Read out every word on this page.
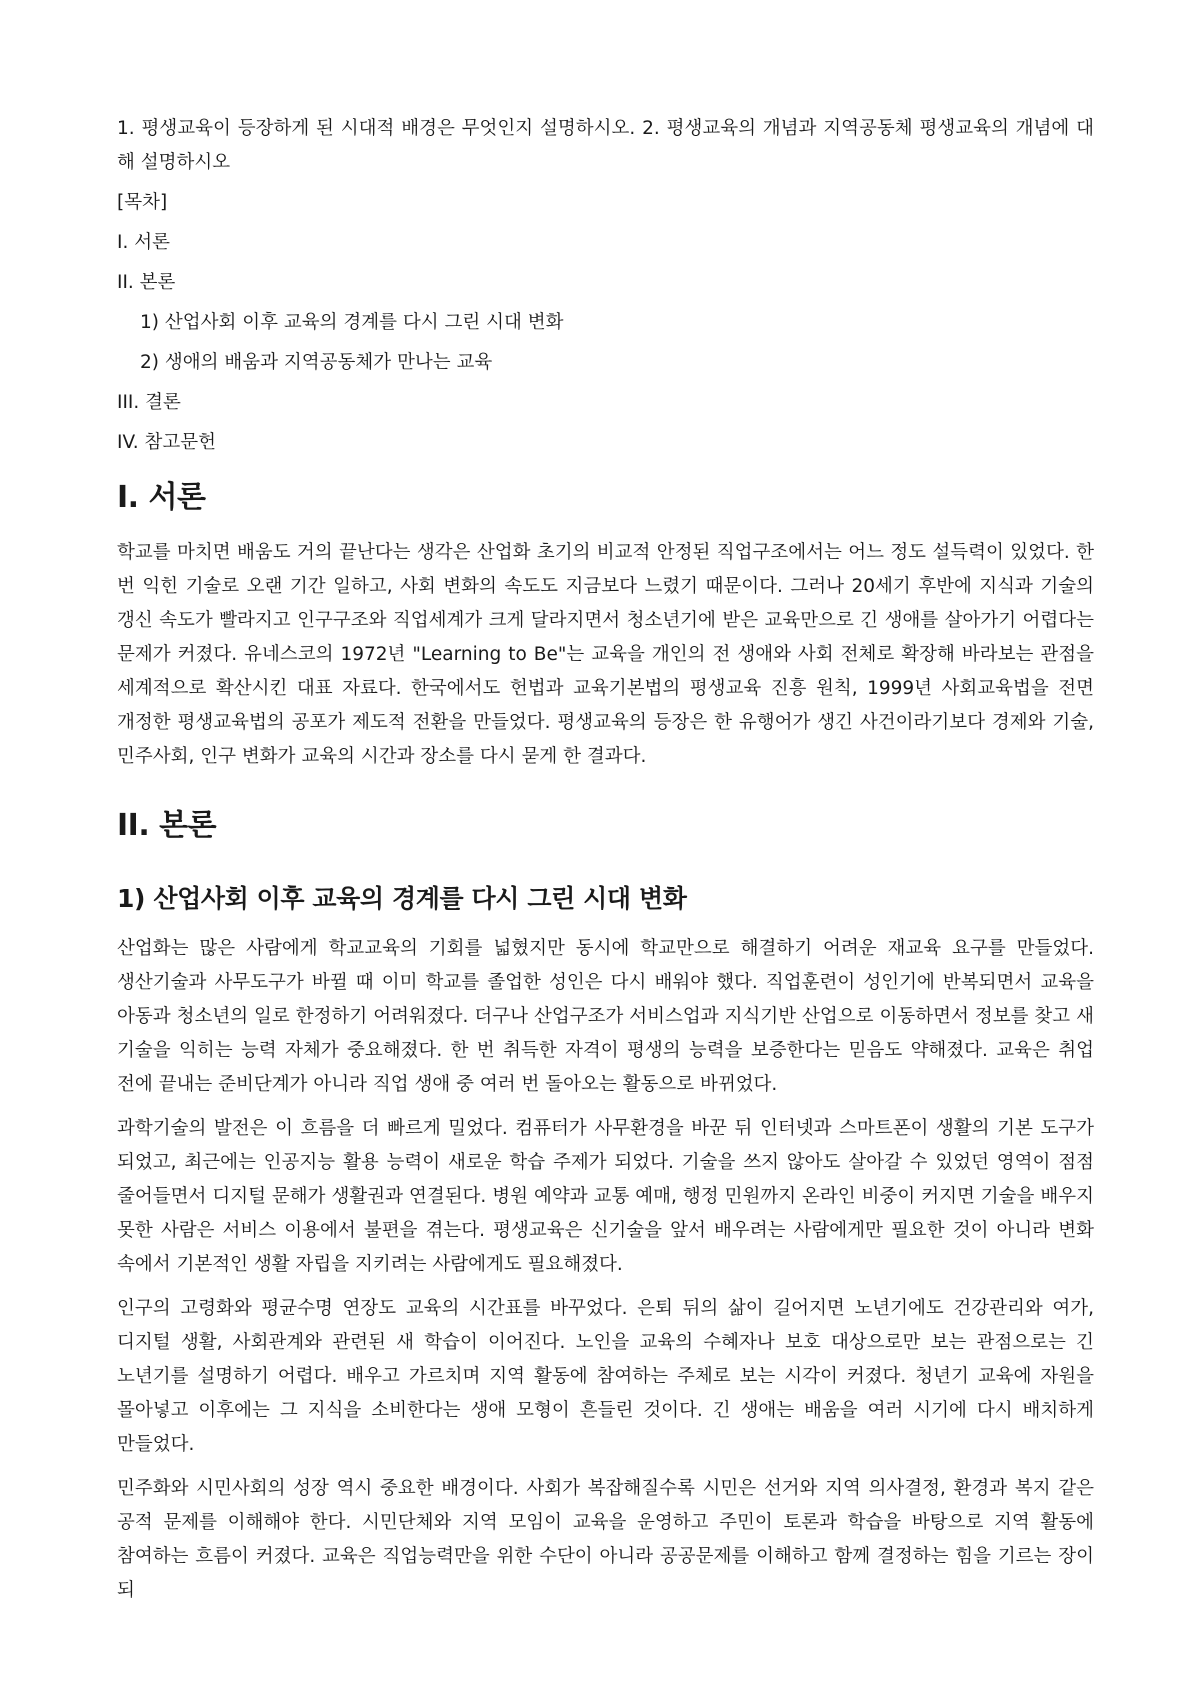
1. 평생교육이 등장하게 된 시대적 배경은 무엇인지 설명하시오. 2. 평생교육의 개념과 지역공동체 평생교육의 개념에 대해 설명하시오

[목차]
I. 서론
II. 본론
1) 산업사회 이후 교육의 경계를 다시 그린 시대 변화
2) 생애의 배움과 지역공동체가 만나는 교육
III. 결론
IV. 참고문헌
I. 서론

학교를 마치면 배움도 거의 끝난다는 생각은 산업화 초기의 비교적 안정된 직업구조에서는 어느 정도 설득력이 있었다. 한 번 익힌 기술로 오랜 기간 일하고, 사회 변화의 속도도 지금보다 느렸기 때문이다. 그러나 20세기 후반에 지식과 기술의 갱신 속도가 빨라지고 인구구조와 직업세계가 크게 달라지면서 청소년기에 받은 교육만으로 긴 생애를 살아가기 어렵다는 문제가 커졌다. 유네스코의 1972년 "Learning to Be"는 교육을 개인의 전 생애와 사회 전체로 확장해 바라보는 관점을 세계적으로 확산시킨 대표 자료다. 한국에서도 헌법과 교육기본법의 평생교육 진흥 원칙, 1999년 사회교육법을 전면 개정한 평생교육법의 공포가 제도적 전환을 만들었다. 평생교육의 등장은 한 유행어가 생긴 사건이라기보다 경제와 기술, 민주사회, 인구 변화가 교육의 시간과 장소를 다시 묻게 한 결과다.

II. 본론
1) 산업사회 이후 교육의 경계를 다시 그린 시대 변화

산업화는 많은 사람에게 학교교육의 기회를 넓혔지만 동시에 학교만으로 해결하기 어려운 재교육 요구를 만들었다. 생산기술과 사무도구가 바뀔 때 이미 학교를 졸업한 성인은 다시 배워야 했다. 직업훈련이 성인기에 반복되면서 교육을 아동과 청소년의 일로 한정하기 어려워졌다. 더구나 산업구조가 서비스업과 지식기반 산업으로 이동하면서 정보를 찾고 새 기술을 익히는 능력 자체가 중요해졌다. 한 번 취득한 자격이 평생의 능력을 보증한다는 믿음도 약해졌다. 교육은 취업 전에 끝내는 준비단계가 아니라 직업 생애 중 여러 번 돌아오는 활동으로 바뀌었다.

과학기술의 발전은 이 흐름을 더 빠르게 밀었다. 컴퓨터가 사무환경을 바꾼 뒤 인터넷과 스마트폰이 생활의 기본 도구가 되었고, 최근에는 인공지능 활용 능력이 새로운 학습 주제가 되었다. 기술을 쓰지 않아도 살아갈 수 있었던 영역이 점점 줄어들면서 디지털 문해가 생활권과 연결된다. 병원 예약과 교통 예매, 행정 민원까지 온라인 비중이 커지면 기술을 배우지 못한 사람은 서비스 이용에서 불편을 겪는다. 평생교육은 신기술을 앞서 배우려는 사람에게만 필요한 것이 아니라 변화 속에서 기본적인 생활 자립을 지키려는 사람에게도 필요해졌다.

인구의 고령화와 평균수명 연장도 교육의 시간표를 바꾸었다. 은퇴 뒤의 삶이 길어지면 노년기에도 건강관리와 여가, 디지털 생활, 사회관계와 관련된 새 학습이 이어진다. 노인을 교육의 수혜자나 보호 대상으로만 보는 관점으로는 긴 노년기를 설명하기 어렵다. 배우고 가르치며 지역 활동에 참여하는 주체로 보는 시각이 커졌다. 청년기 교육에 자원을 몰아넣고 이후에는 그 지식을 소비한다는 생애 모형이 흔들린 것이다. 긴 생애는 배움을 여러 시기에 다시 배치하게 만들었다.

민주화와 시민사회의 성장 역시 중요한 배경이다. 사회가 복잡해질수록 시민은 선거와 지역 의사결정, 환경과 복지 같은 공적 문제를 이해해야 한다. 시민단체와 지역 모임이 교육을 운영하고 주민이 토론과 학습을 바탕으로 지역 활동에 참여하는 흐름이 커졌다. 교육은 직업능력만을 위한 수단이 아니라 공공문제를 이해하고 함께 결정하는 힘을 기르는 장이 되
